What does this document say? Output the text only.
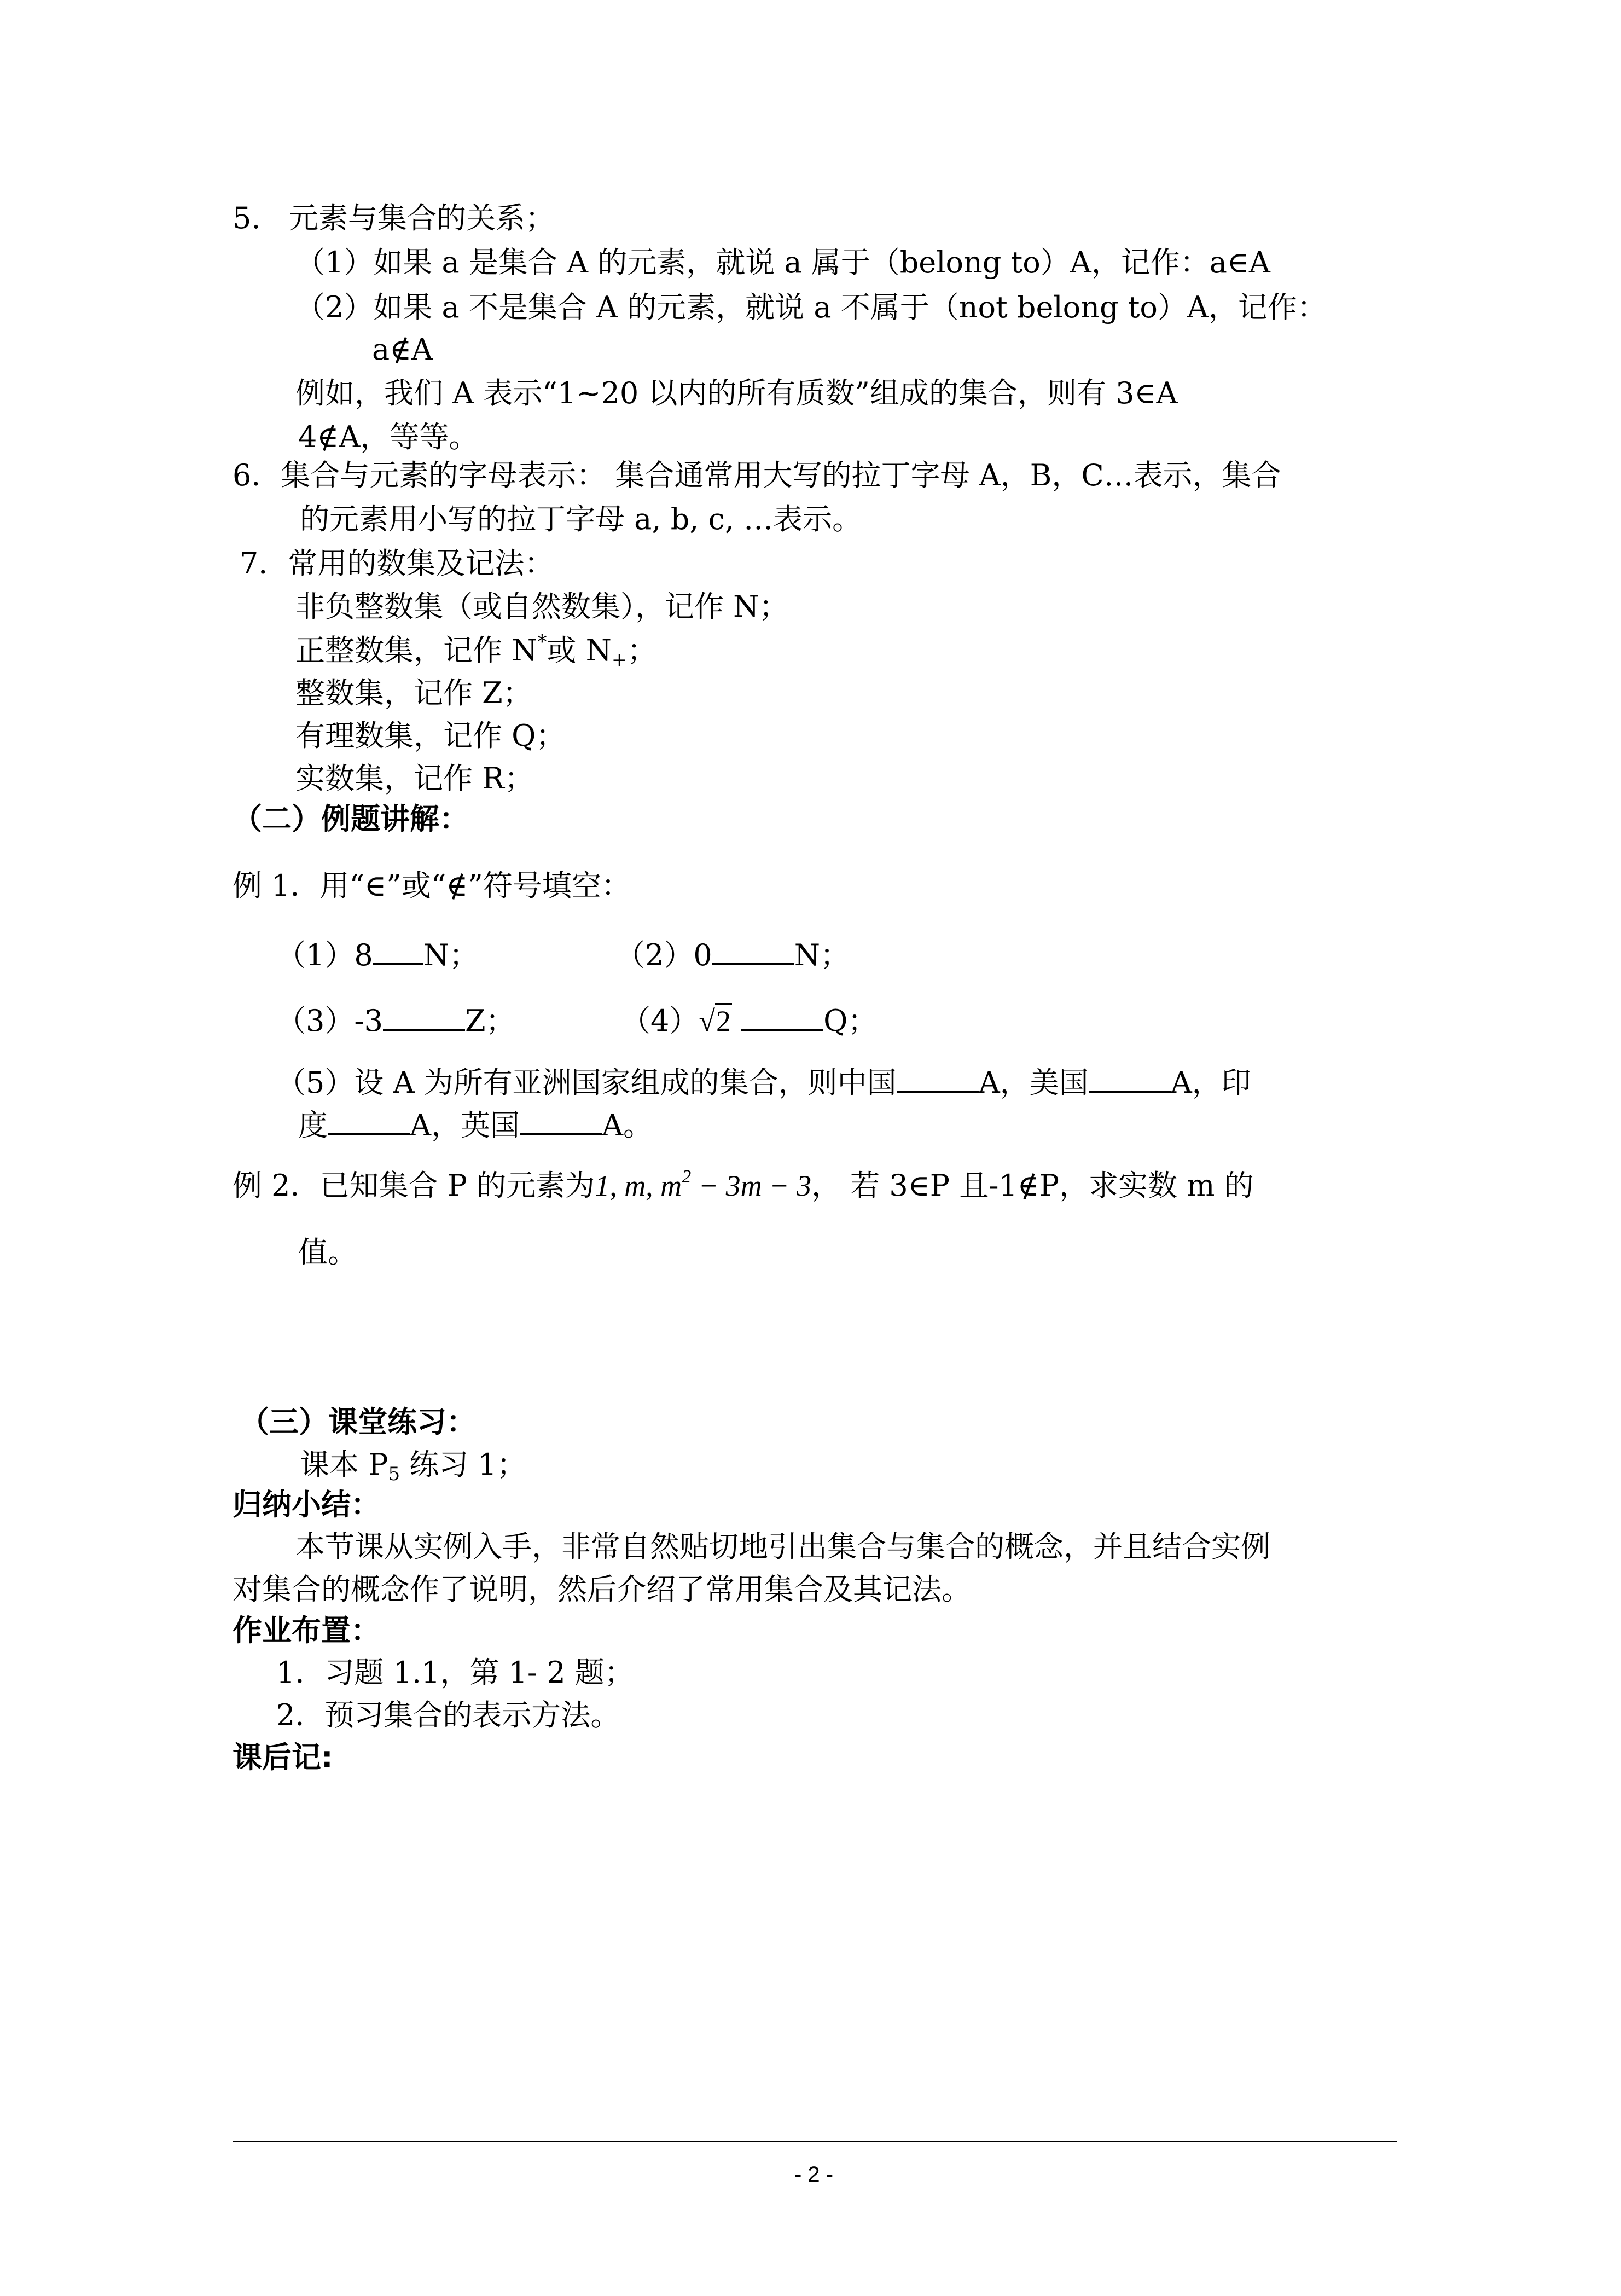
5. 元素与集合的关系；
（1）如果 a 是集合 A 的元素，就说 a 属于（belong to）A，记作：a∈A
（2）如果 a 不是集合 A 的元素，就说 a 不属于（not belong to）A，记作：
a∉A
例如，我们 A 表示“1~20 以内的所有质数”组成的集合，则有 3∈A
4∉A，等等。
6．集合与元素的字母表示： 集合通常用大写的拉丁字母 A，B，C…表示，集合
的元素用小写的拉丁字母 a, b, c, …表示。
7．常用的数集及记法：
非负整数集（或自然数集），记作 N；
正整数集，记作 N*或 $N_+$；
整数集，记作 Z；
有理数集，记作 Q；
实数集，记作 R；
（二）例题讲解：
例 1．用“∈”或“∉”符号填空：
（1）8 N；	（2）0	N；
（3）-3	Z；	（4）√2	Q；
（5）设 A 为所有亚洲国家组成的集合，则中国	A，美国	A，印
度	A，英国	A。
例 2．已知集合 P 的元素为1, m, $m^2 - 3m - 3$， 若 3∈P 且-1∉P，求实数 m 的
值。
（三）课堂练习：
课本 $P_5$ 练习 1；
归纳小结：
本节课从实例入手，非常自然贴切地引出集合与集合的概念，并且结合实例
对集合的概念作了说明，然后介绍了常用集合及其记法。
作业布置：
1．习题 1.1，第 1- 2 题；
2．预习集合的表示方法。
课后记:
- 2 -
